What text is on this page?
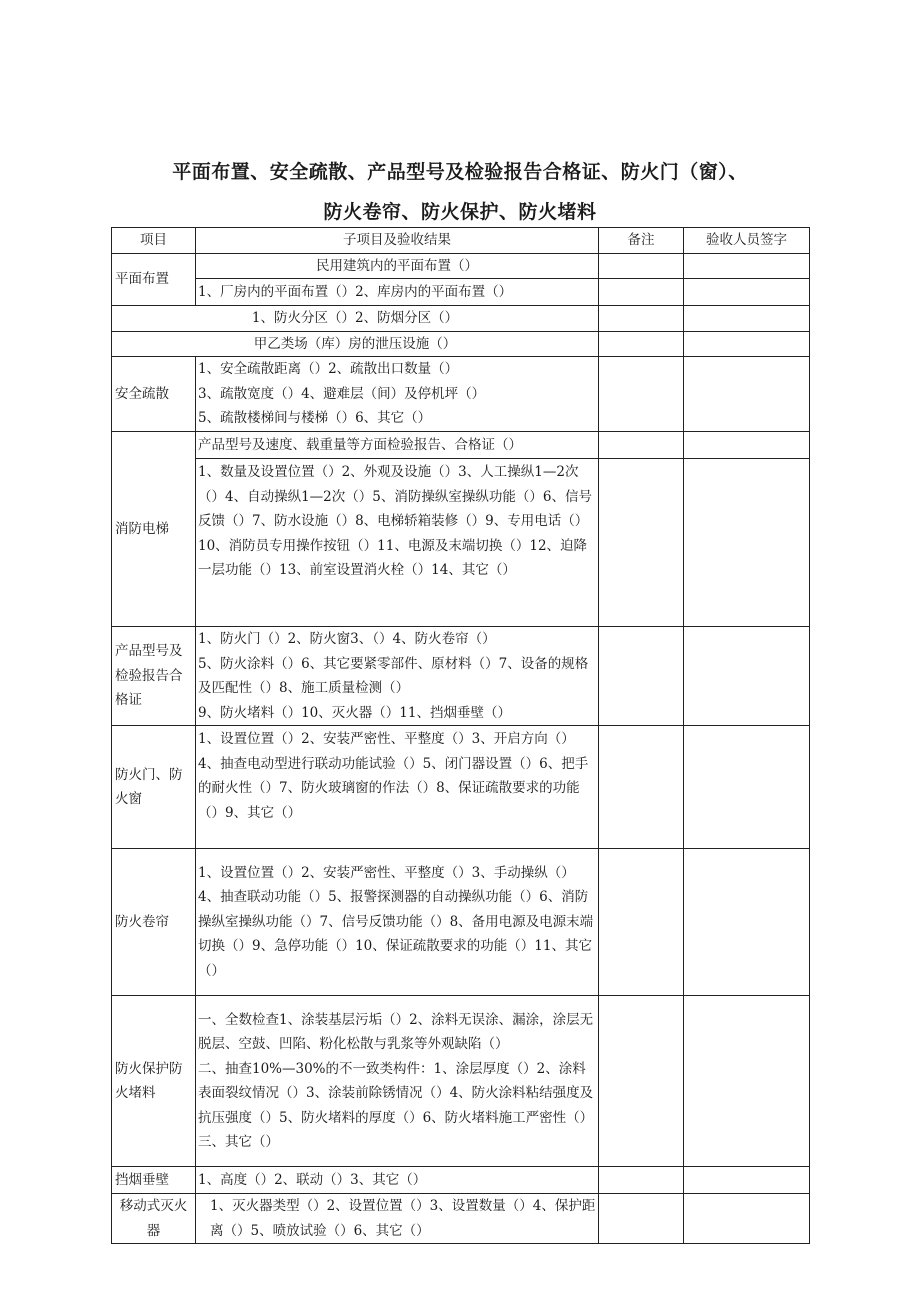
平面布置、安全疏散、产品型号及检验报告合格证、防火门（窗）、
防火卷帘、防火保护、防火堵料
项目	子项目及验收结果	备注	验收人员签字
平面布置	民用建筑内的平面布置（）		
	1、厂房内的平面布置（）2、库房内的平面布置（）		
1、防火分区（）2、防烟分区（）			
甲乙类场（库）房的泄压设施（）			
安全疏散	1、安全疏散距离（）2、疏散出口数量（）
3、疏散宽度（）4、避难层（间）及停机坪（）
5、疏散楼梯间与楼梯（）6、其它（）		
消防电梯	产品型号及速度、载重量等方面检验报告、合格证（）		
	1、数量及设置位置（）2、外观及设施（）3、人工操纵1—2次（）4、自动操纵1—2次（）5、消防操纵室操纵功能（）6、信号反馈（）7、防水设施（）8、电梯轿箱装修（）9、专用电话（）10、消防员专用操作按钮（）11、电源及末端切换（）12、迫降一层功能（）13、前室设置消火栓（）14、其它（）		
产品型号及检验报告合格证	1、防火门（）2、防火窗3、（）4、防火卷帘（）
5、防火涂料（）6、其它要紧零部件、原材料（）7、设备的规格及匹配性（）8、施工质量检测（）
9、防火堵料（）10、灭火器（）11、挡烟垂壁（）		
防火门、防火窗	1、设置位置（）2、安装严密性、平整度（）3、开启方向（）4、抽查电动型进行联动功能试验（）5、闭门器设置（）6、把手的耐火性（）7、防火玻璃窗的作法（）8、保证疏散要求的功能（）9、其它（）		
防火卷帘	1、设置位置（）2、安装严密性、平整度（）3、手动操纵（）4、抽查联动功能（）5、报警探测器的自动操纵功能（）6、消防操纵室操纵功能（）7、信号反馈功能（）8、备用电源及电源末端切换（）9、急停功能（）10、保证疏散要求的功能（）11、其它（）		
防火保护防火堵料	一、全数检查1、涂装基层污垢（）2、涂料无误涂、漏涂，涂层无脱层、空鼓、凹陷、粉化松散与乳浆等外观缺陷（）
二、抽查10%—30%的不一致类构件：1、涂层厚度（）2、涂料表面裂纹情况（）3、涂装前除锈情况（）4、防火涂料粘结强度及抗压强度（）5、防火堵料的厚度（）6、防火堵料施工严密性（）三、其它（）		
挡烟垂壁	1、高度（）2、联动（）3、其它（）		
移动式灭火器	1、灭火器类型（）2、设置位置（）3、设置数量（）4、保护距离（）5、喷放试验（）6、其它（）		
